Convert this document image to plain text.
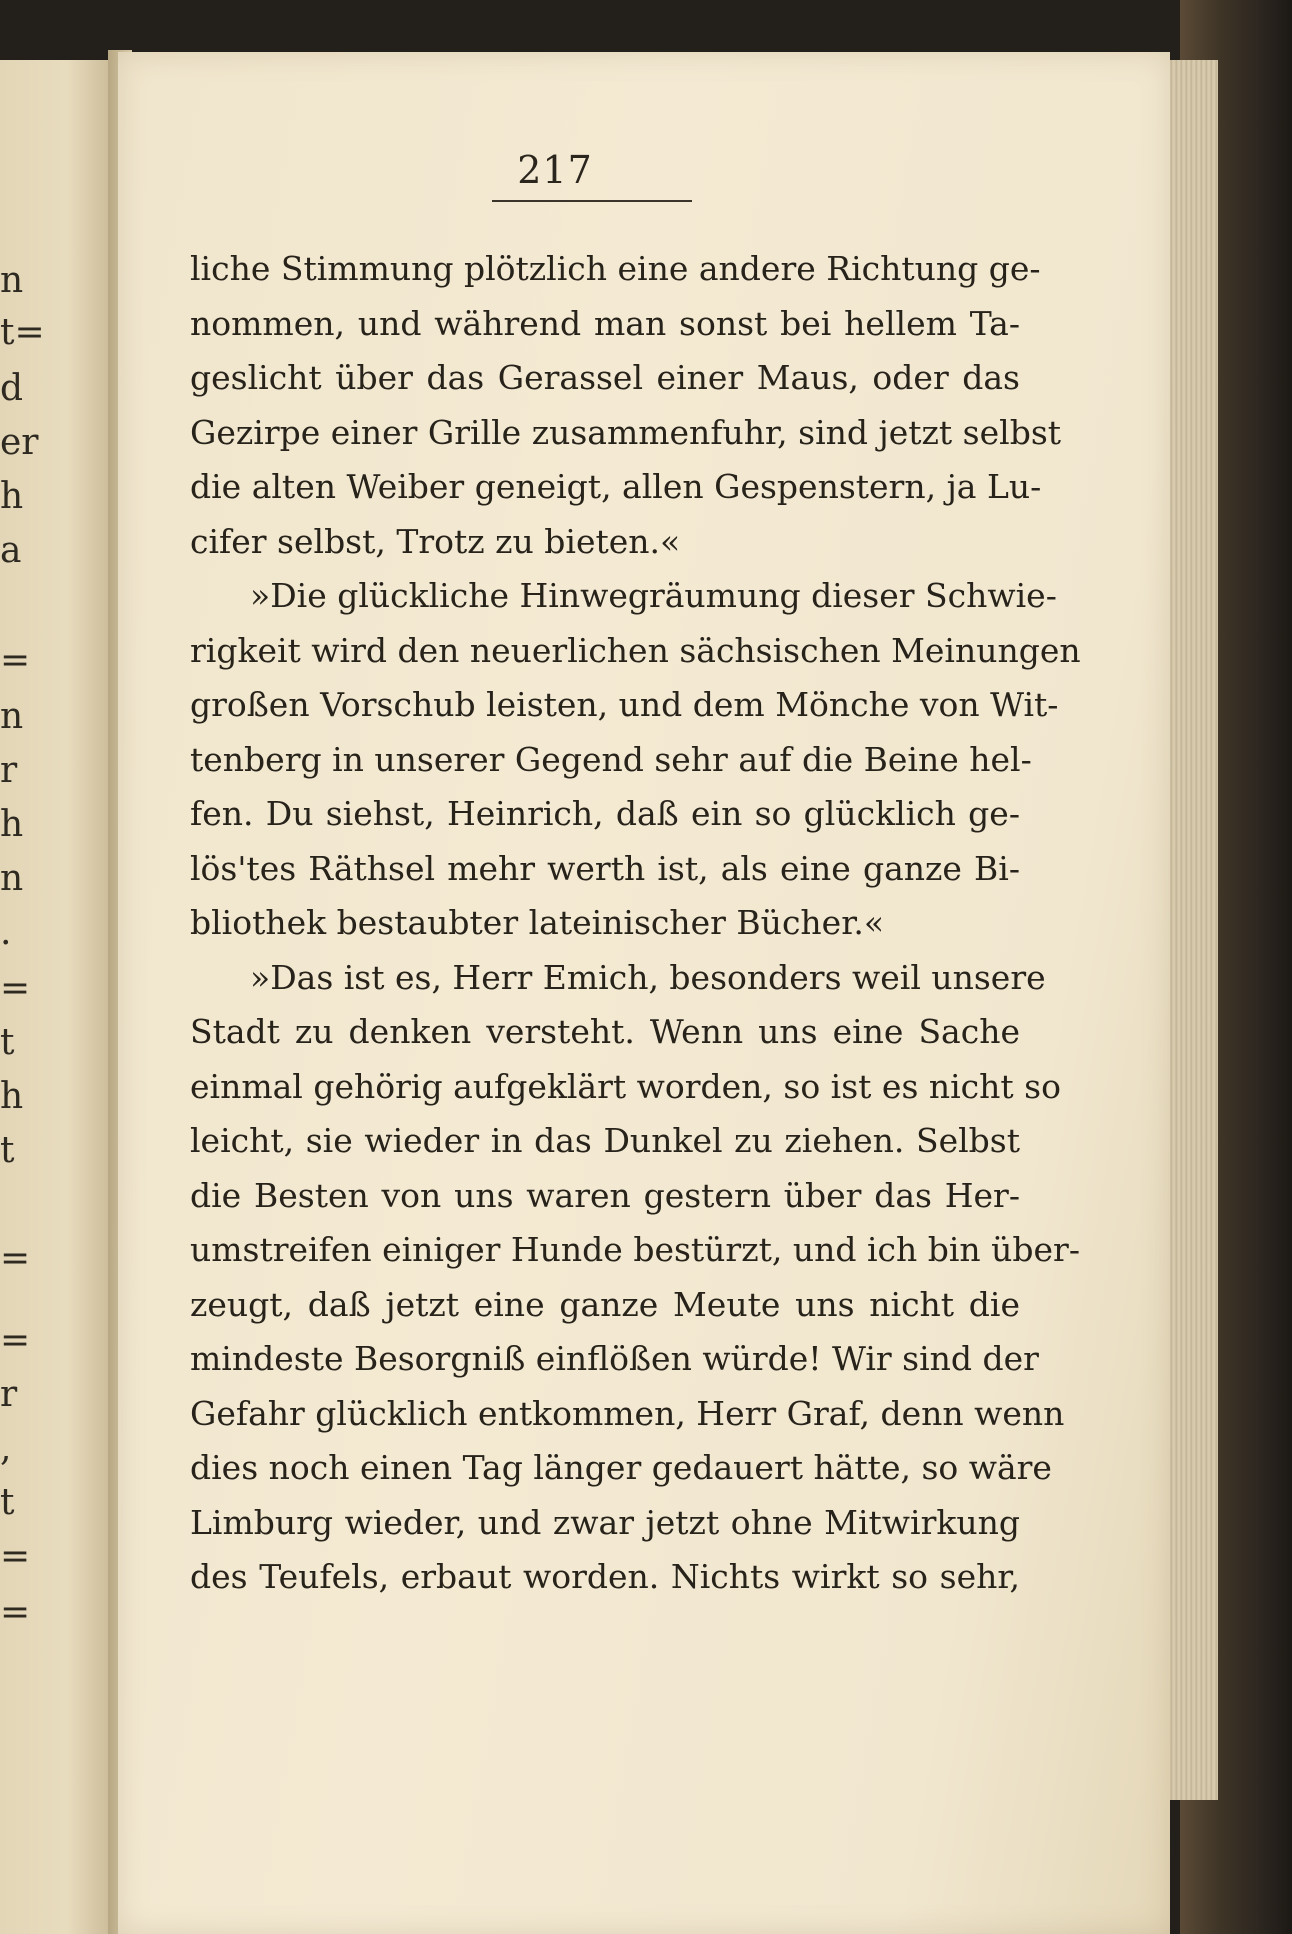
n
t=
d
er
h
a
=
n
r
h
n
.
=
t
h
t
=
=
r
,
t
=
=
217
liche Stimmung plötzlich eine andere Richtung ge-
nommen, und während man sonst bei hellem Ta-
geslicht über das Gerassel einer Maus, oder das
Gezirpe einer Grille zusammenfuhr, sind jetzt selbst
die alten Weiber geneigt, allen Gespenstern, ja Lu-
cifer selbst, Trotz zu bieten.«
»Die glückliche Hinwegräumung dieser Schwie-
rigkeit wird den neuerlichen sächsischen Meinungen
großen Vorschub leisten, und dem Mönche von Wit-
tenberg in unserer Gegend sehr auf die Beine hel-
fen. Du siehst, Heinrich, daß ein so glücklich ge-
lös'tes Räthsel mehr werth ist, als eine ganze Bi-
bliothek bestaubter lateinischer Bücher.«
»Das ist es, Herr Emich, besonders weil unsere
Stadt zu denken versteht. Wenn uns eine Sache
einmal gehörig aufgeklärt worden, so ist es nicht so
leicht, sie wieder in das Dunkel zu ziehen. Selbst
die Besten von uns waren gestern über das Her-
umstreifen einiger Hunde bestürzt, und ich bin über-
zeugt, daß jetzt eine ganze Meute uns nicht die
mindeste Besorgniß einflößen würde! Wir sind der
Gefahr glücklich entkommen, Herr Graf, denn wenn
dies noch einen Tag länger gedauert hätte, so wäre
Limburg wieder, und zwar jetzt ohne Mitwirkung
des Teufels, erbaut worden. Nichts wirkt so sehr,
